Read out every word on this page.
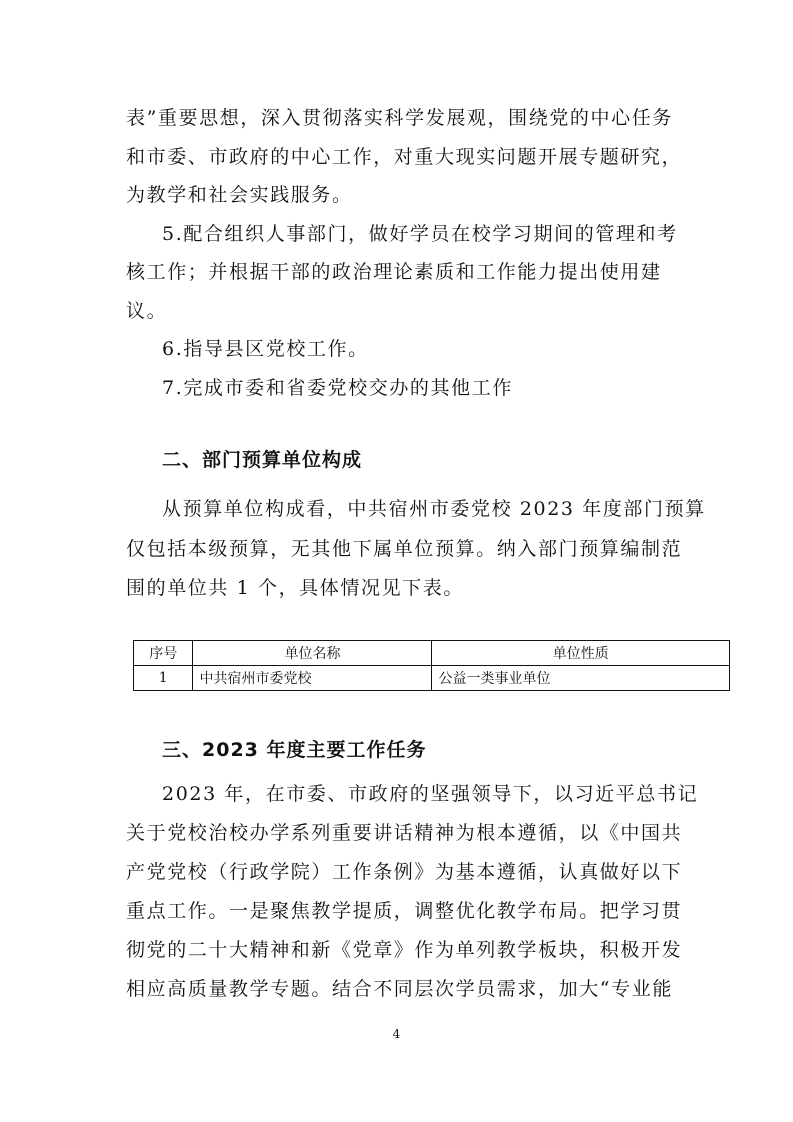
表”重要思想，深入贯彻落实科学发展观，围绕党的中心任务
和市委、市政府的中心工作，对重大现实问题开展专题研究，
为教学和社会实践服务。
5.配合组织人事部门，做好学员在校学习期间的管理和考
核工作；并根据干部的政治理论素质和工作能力提出使用建
议。
6.指导县区党校工作。
7.完成市委和省委党校交办的其他工作
二、部门预算单位构成
从预算单位构成看，中共宿州市委党校 2023 年度部门预算
仅包括本级预算，无其他下属单位预算。纳入部门预算编制范
围的单位共 1 个，具体情况见下表。
序号	单位名称	单位性质
1	中共宿州市委党校	公益一类事业单位
三、2023 年度主要工作任务
2023 年，在市委、市政府的坚强领导下，以习近平总书记
关于党校治校办学系列重要讲话精神为根本遵循，以《中国共
产党党校（行政学院）工作条例》为基本遵循，认真做好以下
重点工作。一是聚焦教学提质，调整优化教学布局。把学习贯
彻党的二十大精神和新《党章》作为单列教学板块，积极开发
相应高质量教学专题。结合不同层次学员需求，加大“专业能
4
